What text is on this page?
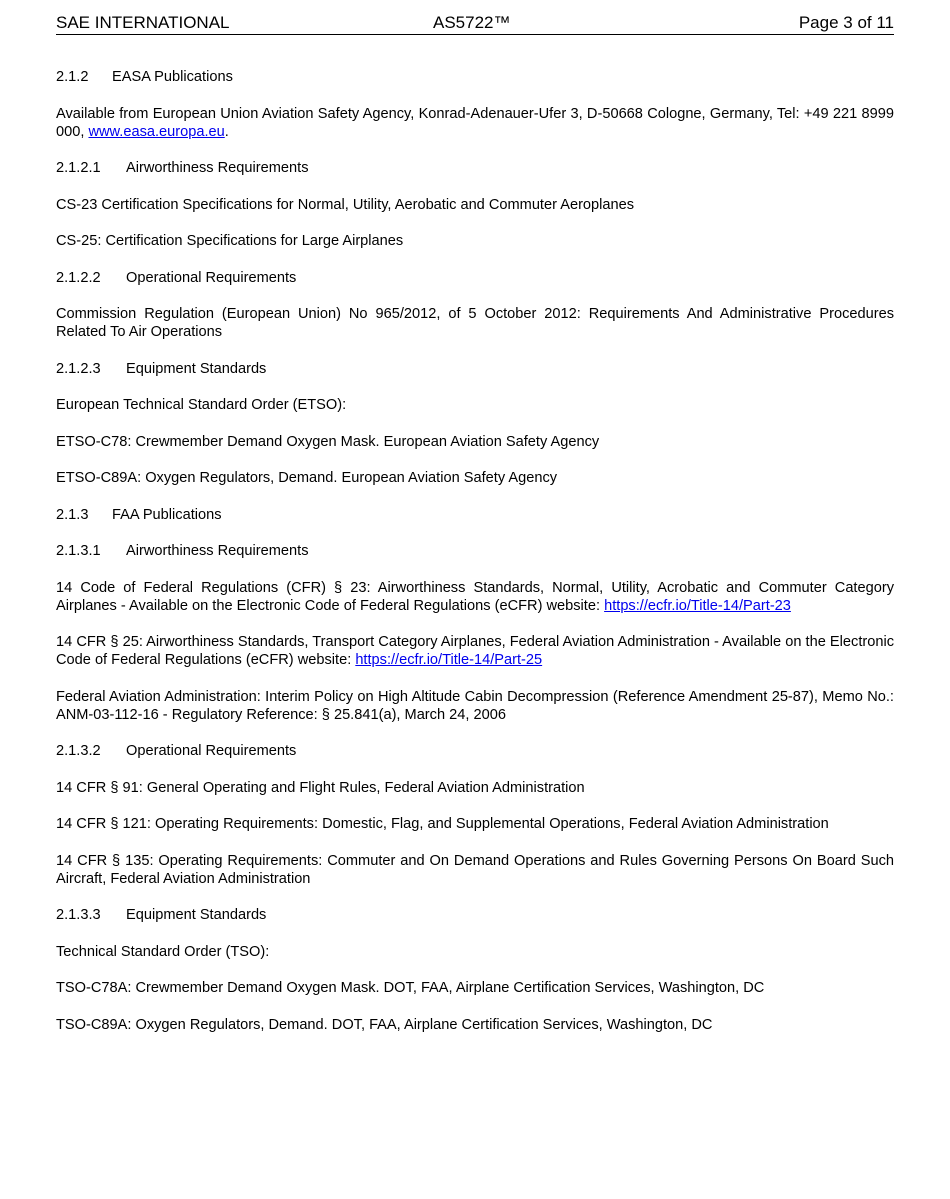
SAE INTERNATIONAL	AS5722™	Page 3 of 11
2.1.2 EASA Publications

Available from European Union Aviation Safety Agency, Konrad-Adenauer-Ufer 3, D-50668 Cologne, Germany, Tel: +49 221 8999 000, www.easa.europa.eu.

2.1.2.1 Airworthiness Requirements

CS-23 Certification Specifications for Normal, Utility, Aerobatic and Commuter Aeroplanes

CS-25: Certification Specifications for Large Airplanes

2.1.2.2 Operational Requirements

Commission Regulation (European Union) No 965/2012, of 5 October 2012: Requirements And Administrative Procedures Related To Air Operations

2.1.2.3 Equipment Standards

European Technical Standard Order (ETSO):

ETSO-C78: Crewmember Demand Oxygen Mask. European Aviation Safety Agency

ETSO-C89A: Oxygen Regulators, Demand. European Aviation Safety Agency

2.1.3 FAA Publications
2.1.3.1 Airworthiness Requirements

14 Code of Federal Regulations (CFR) § 23: Airworthiness Standards, Normal, Utility, Acrobatic and Commuter Category Airplanes - Available on the Electronic Code of Federal Regulations (eCFR) website: https://ecfr.io/Title-14/Part-23

14 CFR § 25: Airworthiness Standards, Transport Category Airplanes, Federal Aviation Administration - Available on the Electronic Code of Federal Regulations (eCFR) website: https://ecfr.io/Title-14/Part-25

Federal Aviation Administration: Interim Policy on High Altitude Cabin Decompression (Reference Amendment 25-87), Memo No.: ANM-03-112-16 - Regulatory Reference: § 25.841(a), March 24, 2006

2.1.3.2 Operational Requirements

14 CFR § 91: General Operating and Flight Rules, Federal Aviation Administration

14 CFR § 121: Operating Requirements: Domestic, Flag, and Supplemental Operations, Federal Aviation Administration

14 CFR § 135: Operating Requirements: Commuter and On Demand Operations and Rules Governing Persons On Board Such Aircraft, Federal Aviation Administration

2.1.3.3 Equipment Standards

Technical Standard Order (TSO):

TSO-C78A: Crewmember Demand Oxygen Mask. DOT, FAA, Airplane Certification Services, Washington, DC

TSO-C89A: Oxygen Regulators, Demand. DOT, FAA, Airplane Certification Services, Washington, DC
